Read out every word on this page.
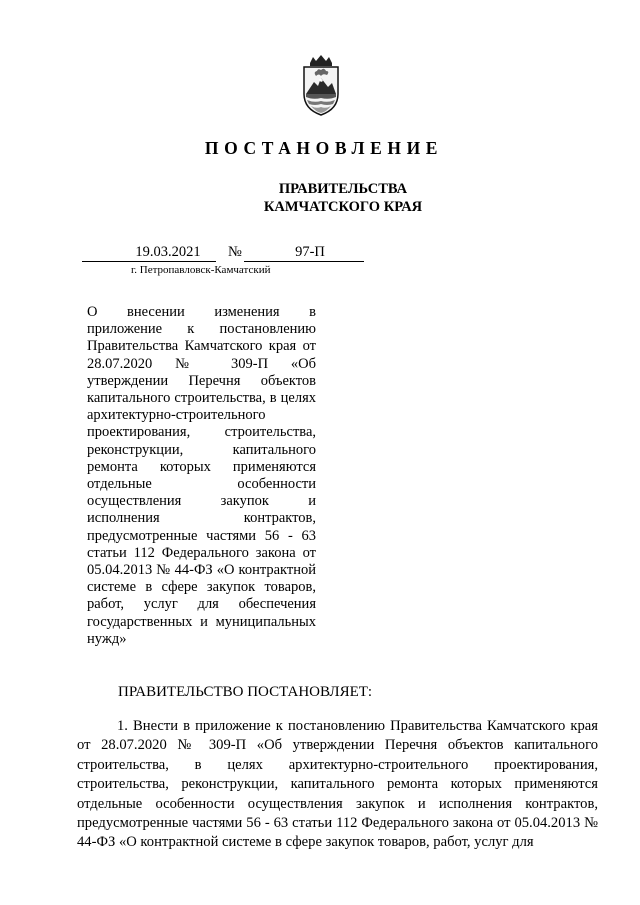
ПОСТАНОВЛЕНИЕ
ПРАВИТЕЛЬСТВА
КАМЧАТСКОГО КРАЯ
19.03.2021	№	97-П
г. Петропавловск-Камчатский
О внесении изменения в приложение к постановлению Правительства Камчатского края от 28.07.2020 № 309-П «Об утверждении Перечня объектов капитального строительства, в целях архитектурно-строительного проектирования, строительства, реконструкции, капитального ремонта которых применяются отдельные особенности осуществления закупок и исполнения контрактов, предусмотренные частями 56 - 63 статьи 112 Федерального закона от 05.04.2013 № 44-ФЗ «О контрактной системе в сфере закупок товаров, работ, услуг для обеспечения государственных и муниципальных нужд»
ПРАВИТЕЛЬСТВО ПОСТАНОВЛЯЕТ:

1. Внести в приложение к постановлению Правительства Камчатского края от 28.07.2020 № 309-П «Об утверждении Перечня объектов капитального строительства, в целях архитектурно-строительного проектирования, строительства, реконструкции, капитального ремонта которых применяются отдельные особенности осуществления закупок и исполнения контрактов, предусмотренные частями 56 - 63 статьи 112 Федерального закона от 05.04.2013 № 44-ФЗ «О контрактной системе в сфере закупок товаров, работ, услуг для
